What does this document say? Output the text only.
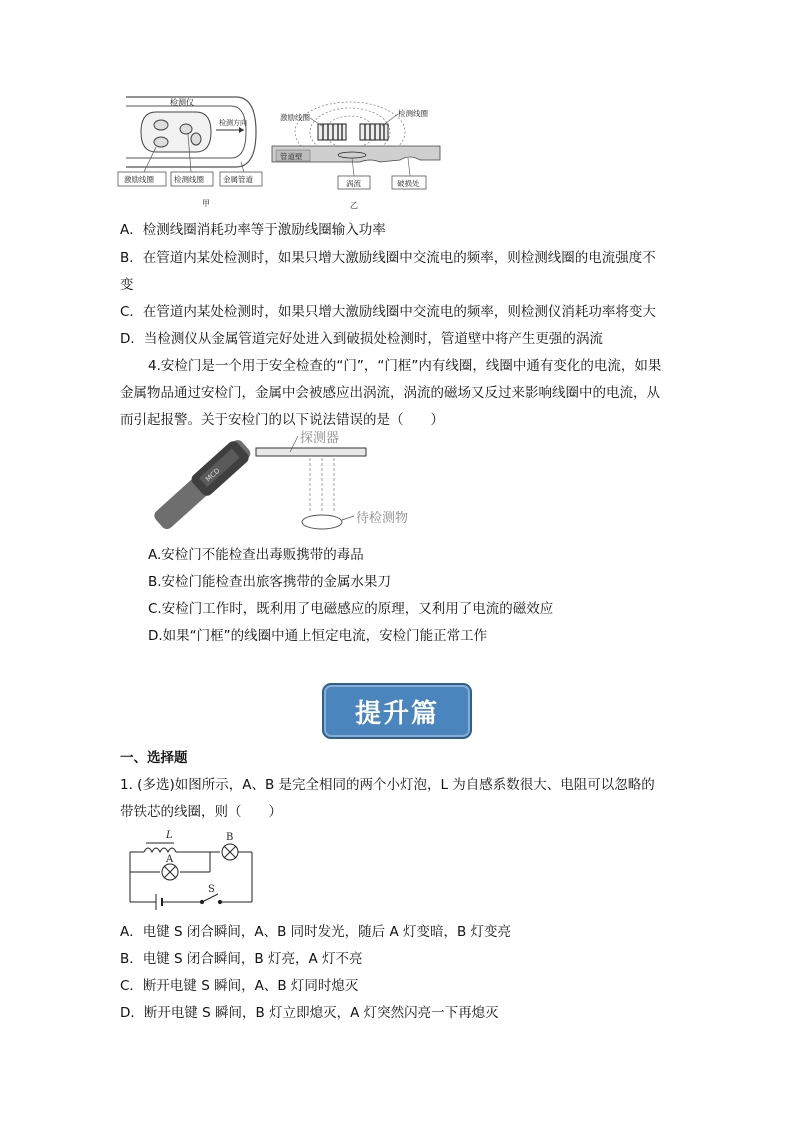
检测仪
检测方向
激励线圈	检测线圈	金属管道
甲
激励线圈	检测线圈
管道壁
涡流	破损处
乙
A．检测线圈消耗功率等于激励线圈输入功率
B．在管道内某处检测时，如果只增大激励线圈中交流电的频率，则检测线圈的电流强度不
变
C．在管道内某处检测时，如果只增大激励线圈中交流电的频率，则检测仪消耗功率将变大
D．当检测仪从金属管道完好处进入到破损处检测时，管道壁中将产生更强的涡流
4.安检门是一个用于安全检查的“门”，“门框”内有线圈，线圈中通有变化的电流，如果
金属物品通过安检门，金属中会被感应出涡流，涡流的磁场又反过来影响线圈中的电流，从
而引起报警。关于安检门的以下说法错误的是（　　）
MCD
探测器
待检测物
A.安检门不能检查出毒贩携带的毒品
B.安检门能检查出旅客携带的金属水果刀
C.安检门工作时，既利用了电磁感应的原理，又利用了电流的磁效应
D.如果“门框”的线圈中通上恒定电流，安检门能正常工作
提升篇
一、选择题
1. (多选)如图所示，A、B 是完全相同的两个小灯泡，L 为自感系数很大、电阻可以忽略的
带铁芯的线圈，则（　　）
L	B
A
S
A．电键 S 闭合瞬间，A、B 同时发光，随后 A 灯变暗，B 灯变亮
B．电键 S 闭合瞬间，B 灯亮，A 灯不亮
C．断开电键 S 瞬间，A、B 灯同时熄灭
D．断开电键 S 瞬间，B 灯立即熄灭，A 灯突然闪亮一下再熄灭
